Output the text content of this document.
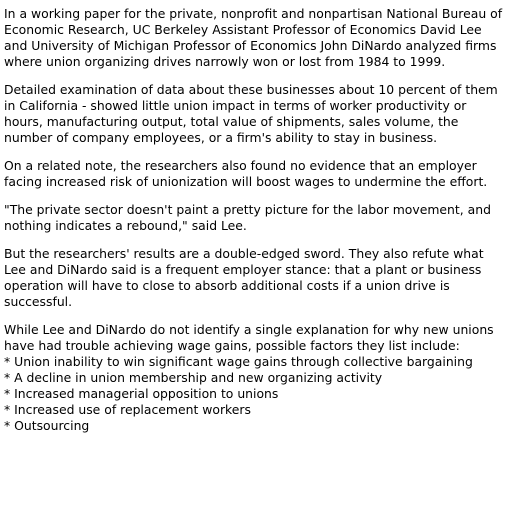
In a working paper for the private, nonprofit and nonpartisan National Bureau of Economic Research, UC Berkeley Assistant Professor of Economics David Lee and University of Michigan Professor of Economics John DiNardo analyzed firms where union organizing drives narrowly won or lost from 1984 to 1999.

Detailed examination of data about these businesses about 10 percent of them in California - showed little union impact in terms of worker productivity or hours, manufacturing output, total value of shipments, sales volume, the number of company employees, or a firm's ability to stay in business.

On a related note, the researchers also found no evidence that an employer facing increased risk of unionization will boost wages to undermine the effort.

"The private sector doesn't paint a pretty picture for the labor movement, and nothing indicates a rebound," said Lee.

But the researchers' results are a double-edged sword. They also refute what Lee and DiNardo said is a frequent employer stance: that a plant or business operation will have to close to absorb additional costs if a union drive is successful.

While Lee and DiNardo do not identify a single explanation for why new unions have had trouble achieving wage gains, possible factors they list include:
* Union inability to win significant wage gains through collective bargaining
* A decline in union membership and new organizing activity
* Increased managerial opposition to unions
* Increased use of replacement workers
* Outsourcing
